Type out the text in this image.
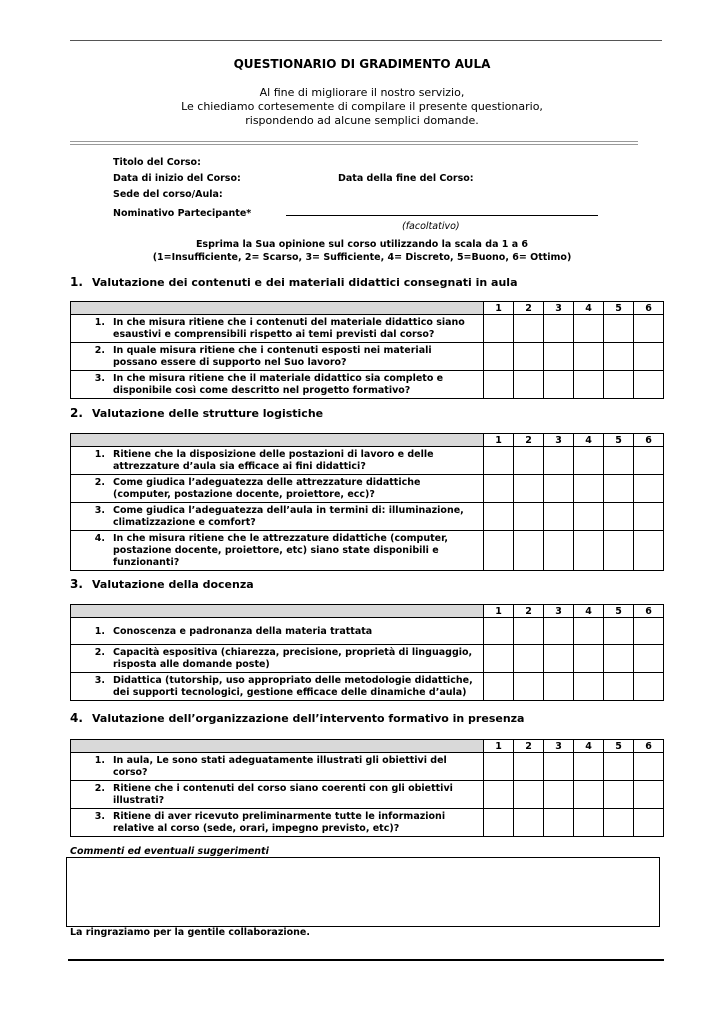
QUESTIONARIO DI GRADIMENTO AULA
Al fine di migliorare il nostro servizio,
Le chiediamo cortesemente di compilare il presente questionario,
rispondendo ad alcune semplici domande.
Titolo del Corso:
Data di inizio del Corso:	Data della fine del Corso:
Sede del corso/Aula:
Nominativo Partecipante*
(facoltativo)
Esprima la Sua opinione sul corso utilizzando la scala da 1 a 6
(1=Insufficiente, 2= Scarso, 3= Sufficiente, 4= Discreto, 5=Buono, 6= Ottimo)
1. Valutazione dei contenuti e dei materiali didattici consegnati in aula
	1	2	3	4	5	6
1. In che misura ritiene che i contenuti del materiale didattico siano esaustivi e comprensibili rispetto ai temi previsti dal corso?						
2. In quale misura ritiene che i contenuti esposti nei materiali possano essere di supporto nel Suo lavoro?						
3. In che misura ritiene che il materiale didattico sia completo e disponibile così come descritto nel progetto formativo?						
2. Valutazione delle strutture logistiche
	1	2	3	4	5	6
1. Ritiene che la disposizione delle postazioni di lavoro e delle attrezzature d’aula sia efficace ai fini didattici?						
2. Come giudica l’adeguatezza delle attrezzature didattiche (computer, postazione docente, proiettore, ecc)?						
3. Come giudica l’adeguatezza dell’aula in termini di: illuminazione, climatizzazione e comfort?						
4. In che misura ritiene che le attrezzature didattiche (computer, postazione docente, proiettore, etc) siano state disponibili e funzionanti?						
3. Valutazione della docenza
	1	2	3	4	5	6
1. Conoscenza e padronanza della materia trattata						
2. Capacità espositiva (chiarezza, precisione, proprietà di linguaggio, risposta alle domande poste)						
3. Didattica (tutorship, uso appropriato delle metodologie didattiche, dei supporti tecnologici, gestione efficace delle dinamiche d’aula)						
4. Valutazione dell’organizzazione dell’intervento formativo in presenza
	1	2	3	4	5	6
1. In aula, Le sono stati adeguatamente illustrati gli obiettivi del corso?						
2. Ritiene che i contenuti del corso siano coerenti con gli obiettivi illustrati?						
3. Ritiene di aver ricevuto preliminarmente tutte le informazioni relative al corso (sede, orari, impegno previsto, etc)?						
Commenti ed eventuali suggerimenti
La ringraziamo per la gentile collaborazione.
